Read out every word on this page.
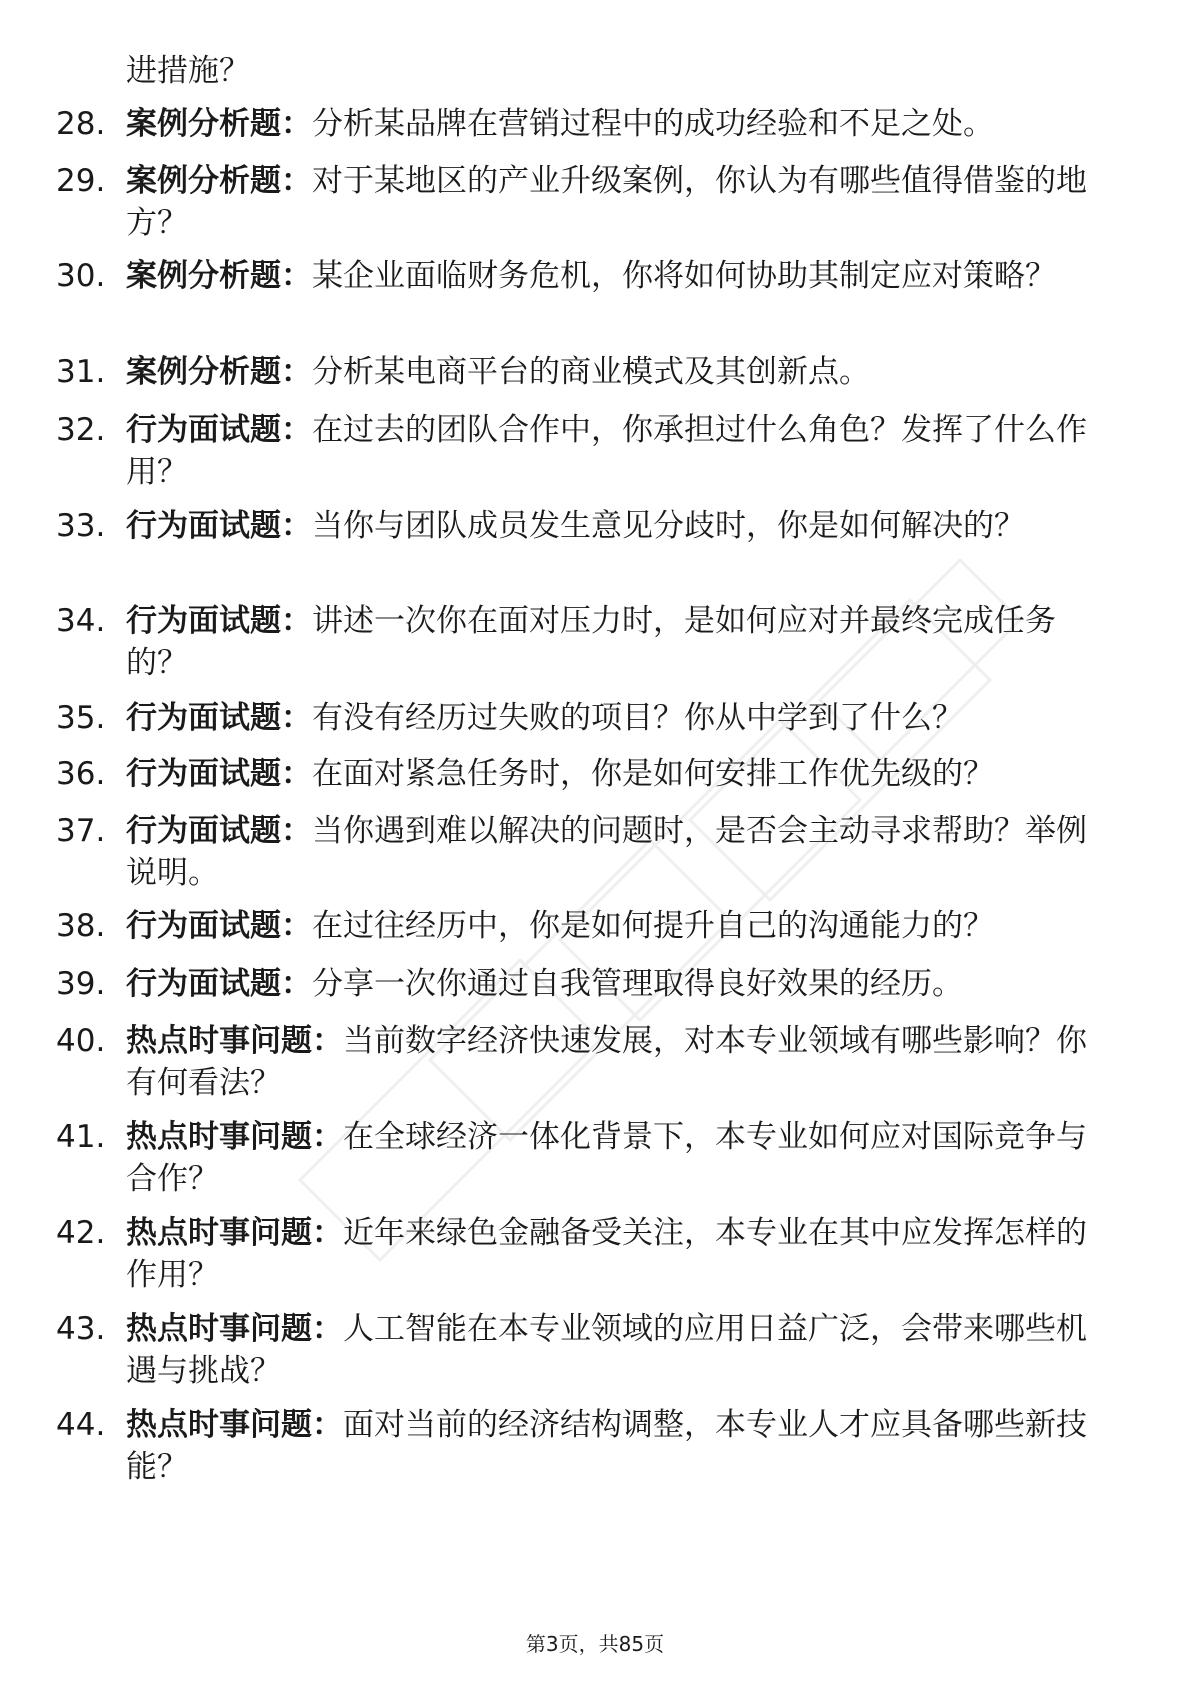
进措施？
28. 案例分析题：分析某品牌在营销过程中的成功经验和不足之处。
29. 案例分析题：对于某地区的产业升级案例，你认为有哪些值得借鉴的地方？
30. 案例分析题：某企业面临财务危机，你将如何协助其制定应对策略？
31. 案例分析题：分析某电商平台的商业模式及其创新点。
32. 行为面试题：在过去的团队合作中，你承担过什么角色？发挥了什么作用？
33. 行为面试题：当你与团队成员发生意见分歧时，你是如何解决的？
34. 行为面试题：讲述一次你在面对压力时，是如何应对并最终完成任务的？
35. 行为面试题：有没有经历过失败的项目？你从中学到了什么？
36. 行为面试题：在面对紧急任务时，你是如何安排工作优先级的？
37. 行为面试题：当你遇到难以解决的问题时，是否会主动寻求帮助？举例说明。
38. 行为面试题：在过往经历中，你是如何提升自己的沟通能力的？
39. 行为面试题：分享一次你通过自我管理取得良好效果的经历。
40. 热点时事问题：当前数字经济快速发展，对本专业领域有哪些影响？你有何看法？
41. 热点时事问题：在全球经济一体化背景下，本专业如何应对国际竞争与合作？
42. 热点时事问题：近年来绿色金融备受关注，本专业在其中应发挥怎样的作用？
43. 热点时事问题：人工智能在本专业领域的应用日益广泛，会带来哪些机遇与挑战？
44. 热点时事问题：面对当前的经济结构调整，本专业人才应具备哪些新技能？
第3页，共85页
